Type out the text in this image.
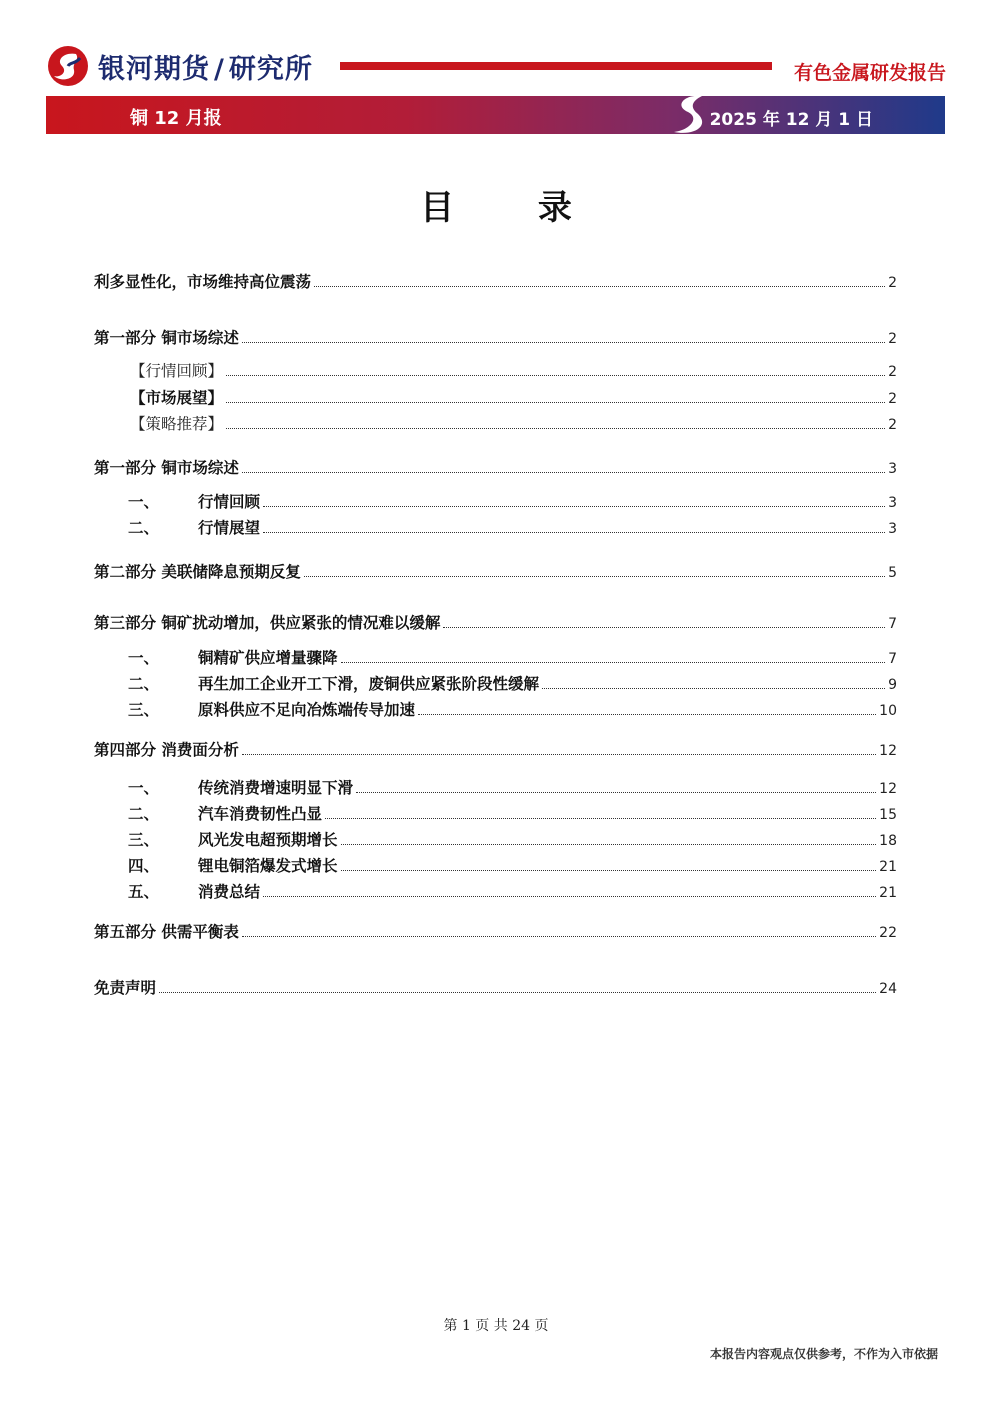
银河期货 / 研究所	有色金属研发报告
铜 12 月报	2025 年 12 月 1 日
目 录
利多显性化，市场维持高位震荡	2
第一部分 铜市场综述	2
【行情回顾】	2
【市场展望】	2
【策略推荐】	2
第一部分 铜市场综述	3
一、	行情回顾	3
二、	行情展望	3
第二部分 美联储降息预期反复	5
第三部分 铜矿扰动增加，供应紧张的情况难以缓解	7
一、	铜精矿供应增量骤降	7
二、	再生加工企业开工下滑，废铜供应紧张阶段性缓解	9
三、	原料供应不足向冶炼端传导加速	10
第四部分 消费面分析	12
一、	传统消费增速明显下滑	12
二、	汽车消费韧性凸显	15
三、	风光发电超预期增长	18
四、	锂电铜箔爆发式增长	21
五、	消费总结	21
第五部分 供需平衡表	22
免责声明	24
第 1 页 共 24 页
本报告内容观点仅供参考，不作为入市依据
